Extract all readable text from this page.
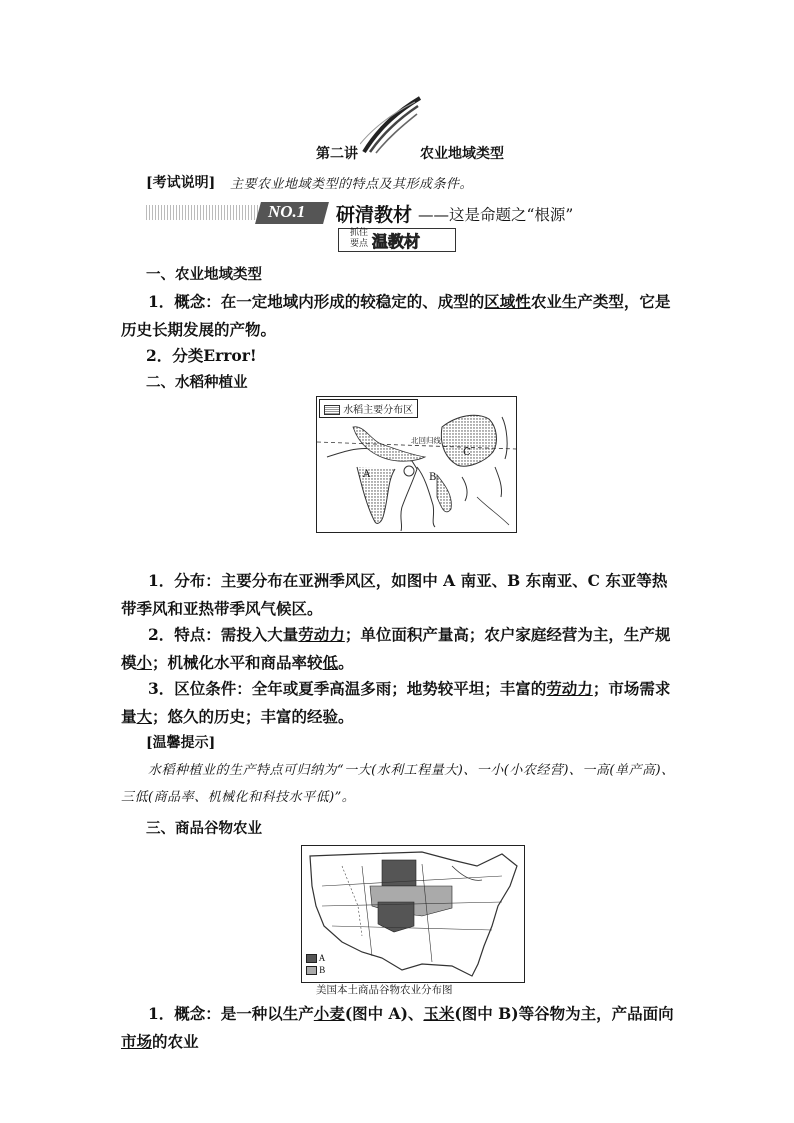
第二讲	农业地域类型
[考试说明] 主要农业地域类型的特点及其形成条件。
NO.1 研清教材 ——这是命题之“根源”
抓住
要点 温教材
一、农业地域类型
1．概念：在一定地域内形成的较稳定的、成型的区域性农业生产类型，它是历史长期发展的产物。
2．分类Error!
二、水稻种植业
水稻主要分布区
北回归线
A	B
C
1．分布：主要分布在亚洲季风区，如图中 A 南亚、B 东南亚、C 东亚等热带季风和亚热带季风气候区。
2．特点：需投入大量劳动力；单位面积产量高；农户家庭经营为主，生产规模小；机械化水平和商品率较低。
3．区位条件：全年或夏季高温多雨；地势较平坦；丰富的劳动力；市场需求量大；悠久的历史；丰富的经验。
[温馨提示]
水稻种植业的生产特点可归纳为“一大(水利工程量大)、一小(小农经营)、一高(单产高)、三低(商品率、机械化和科技水平低)”。
三、商品谷物农业
A
B
美国本土商品谷物农业分布图
1．概念：是一种以生产小麦(图中 A)、玉米(图中 B)等谷物为主，产品面向市场的农业
